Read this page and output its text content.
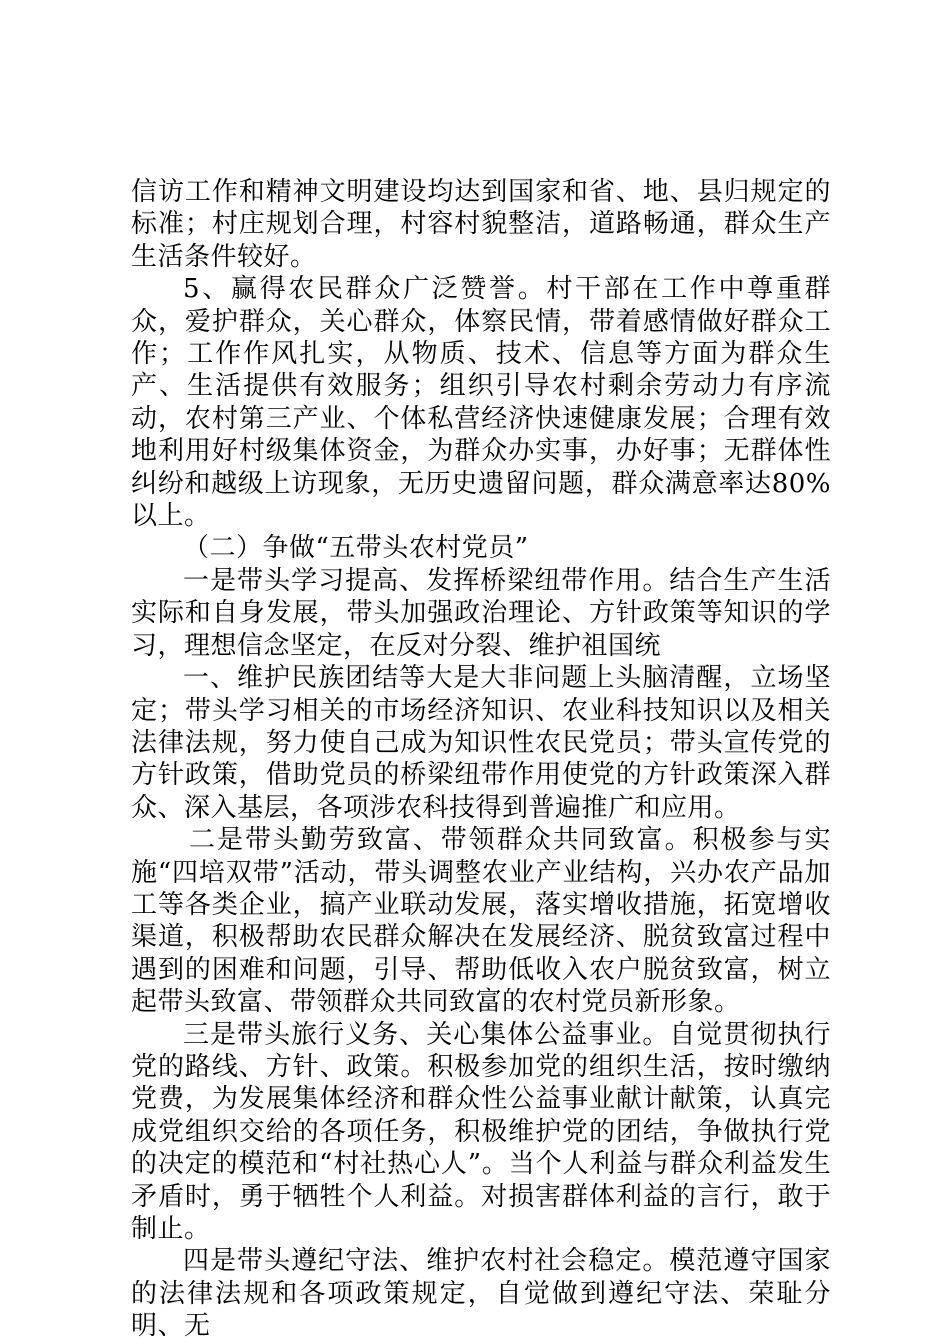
信访工作和精神文明建设均达到国家和省、地、县归规定的标准；村庄规划合理，村容村貌整洁，道路畅通，群众生产生活条件较好。

5、赢得农民群众广泛赞誉。村干部在工作中尊重群众，爱护群众，关心群众，体察民情，带着感情做好群众工作；工作作风扎实，从物质、技术、信息等方面为群众生产、生活提供有效服务；组织引导农村剩余劳动力有序流动，农村第三产业、个体私营经济快速健康发展；合理有效地利用好村级集体资金，为群众办实事，办好事；无群体性纠纷和越级上访现象，无历史遗留问题，群众满意率达80%以上。

（二）争做“五带头农村党员”

一是带头学习提高、发挥桥梁纽带作用。结合生产生活实际和自身发展，带头加强政治理论、方针政策等知识的学习，理想信念坚定，在反对分裂、维护祖国统

一、维护民族团结等大是大非问题上头脑清醒，立场坚定；带头学习相关的市场经济知识、农业科技知识以及相关法律法规，努力使自己成为知识性农民党员；带头宣传党的方针政策，借助党员的桥梁纽带作用使党的方针政策深入群众、深入基层，各项涉农科技得到普遍推广和应用。

二是带头勤劳致富、带领群众共同致富。积极参与实施“四培双带”活动，带头调整农业产业结构，兴办农产品加工等各类企业，搞产业联动发展，落实增收措施，拓宽增收渠道，积极帮助农民群众解决在发展经济、脱贫致富过程中遇到的困难和问题，引导、帮助低收入农户脱贫致富，树立起带头致富、带领群众共同致富的农村党员新形象。

三是带头旅行义务、关心集体公益事业。自觉贯彻执行党的路线、方针、政策。积极参加党的组织生活，按时缴纳党费，为发展集体经济和群众性公益事业献计献策，认真完成党组织交给的各项任务，积极维护党的团结，争做执行党的决定的模范和“村社热心人”。当个人利益与群众利益发生矛盾时，勇于牺牲个人利益。对损害群体利益的言行，敢于制止。

四是带头遵纪守法、维护农村社会稳定。模范遵守国家的法律法规和各项政策规定，自觉做到遵纪守法、荣耻分明、无
